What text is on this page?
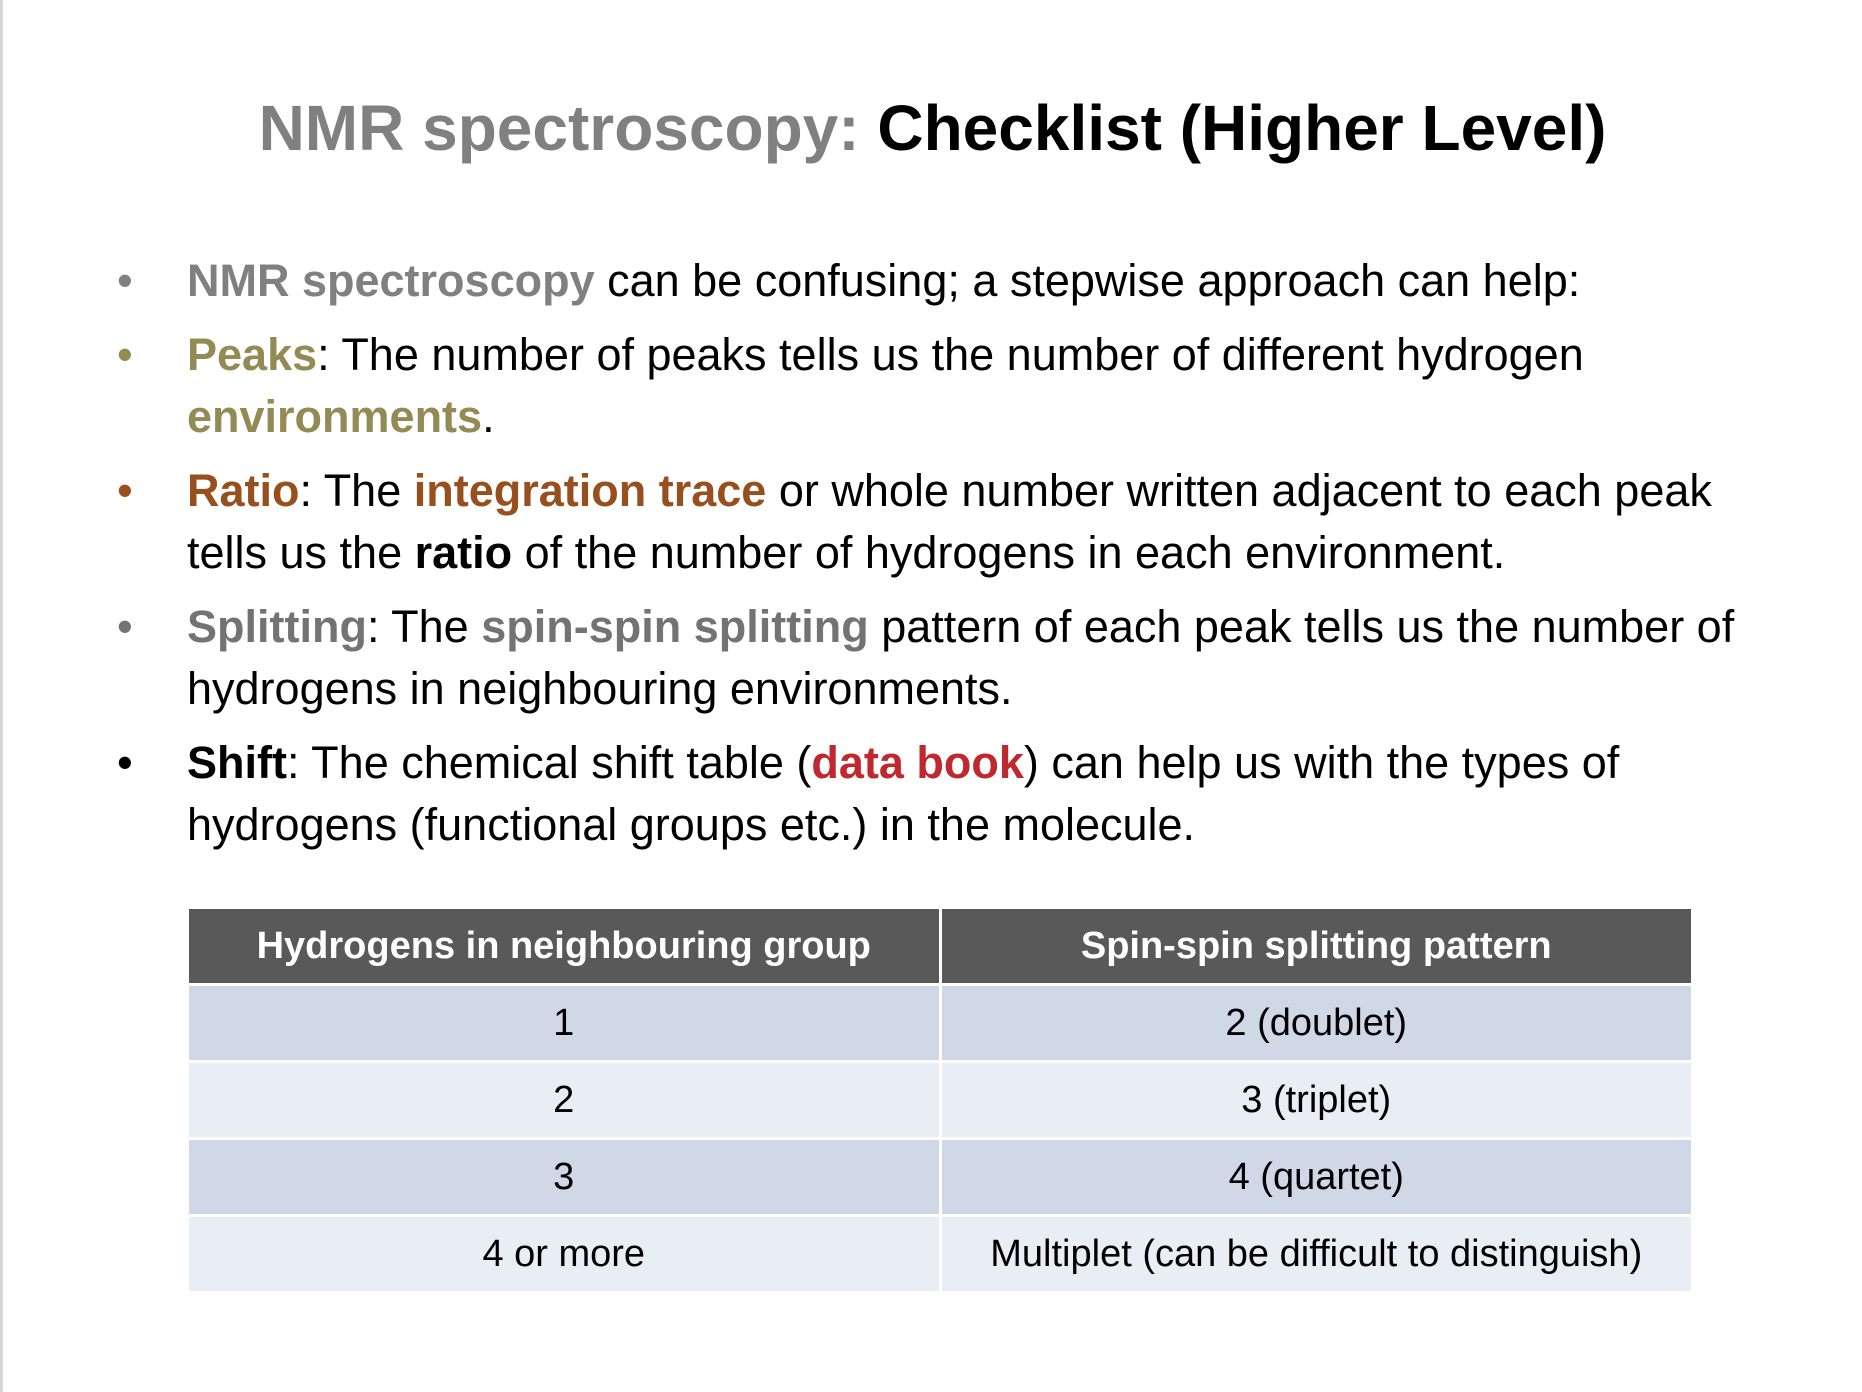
NMR spectroscopy: Checklist (Higher Level)
• NMR spectroscopy can be confusing; a stepwise approach can help:
• Peaks: The number of peaks tells us the number of different hydrogen environments.
• Ratio: The integration trace or whole number written adjacent to each peak tells us the ratio of the number of hydrogens in each environment.
• Splitting: The spin-spin splitting pattern of each peak tells us the number of hydrogens in neighbouring environments.
• Shift: The chemical shift table (data book) can help us with the types of hydrogens (functional groups etc.) in the molecule.
Hydrogens in neighbouring group	Spin-spin splitting pattern
1	2 (doublet)
2	3 (triplet)
3	4 (quartet)
4 or more	Multiplet (can be difficult to distinguish)
